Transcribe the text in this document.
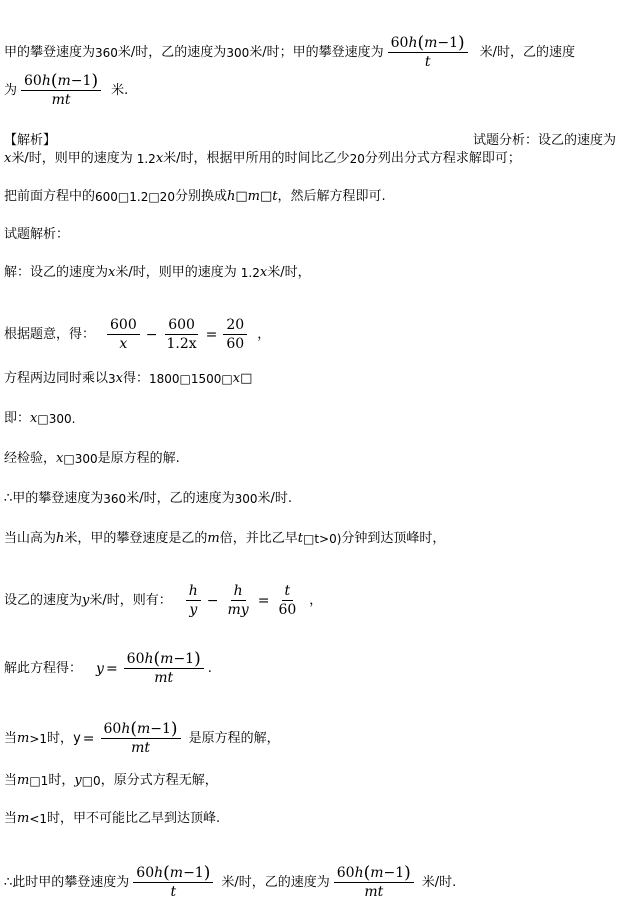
甲的攀登速度为 360 米/时，乙的速度为 300 米/时；甲的攀登速度为 $\frac{60 h ( m -1 )}{t}$ 米/时，乙的速度
为 $\frac{60 h ( m -1 )}{mt}$ 米.
【解析】	试题分析：设乙的速度为
x 米/时，则甲的速度为 1.2 x 米/时，根据甲所用的时间比乙少 20 分列出分式方程求解即可；
把前面方程中的 600□1.2□20 分别换成 h□m□t ，然后解方程即可.
试题解析：
解：设乙的速度为 x 米/时，则甲的速度为 1.2 x 米/时，
根据题意，得： $\frac{600}{x} - \frac{600}{1.2x} = \frac{20}{60}$ ，
方程两边同时乘以 3 x 得： 1800□1500□ x□
即： x □300.
经检验， x □300 是原方程的解.
∴甲的攀登速度为 360 米/时，乙的速度为 300 米/时.
当山高为 h 米，甲的攀登速度是乙的 m 倍，并比乙早 t □t>0) 分钟到达顶峰时，
设乙的速度为 y 米/时，则有： $\frac{h}{y} - \frac{h}{my} = \frac{t}{60}$ ，
解此方程得： $y = \frac{60 h ( m -1 )}{mt}$ .
当 m >1 时， $y = \frac{60 h ( m -1 )}{mt}$ 是原方程的解，
当 m □1 时， y □0 ，原分式方程无解，
当 m <1 时，甲不可能比乙早到达顶峰.
∴此时甲的攀登速度为 $\frac{60 h ( m -1 )}{t}$ 米/时，乙的速度为 $\frac{60 h ( m -1 )}{mt}$ 米/时.
